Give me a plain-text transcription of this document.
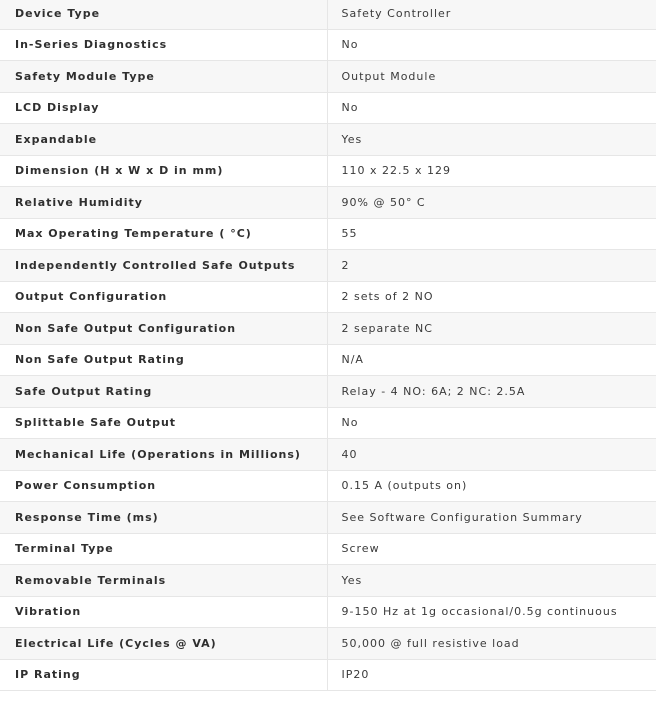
Device Type	Safety Controller
In-Series Diagnostics	No
Safety Module Type	Output Module
LCD Display	No
Expandable	Yes
Dimension (H x W x D in mm)	110 x 22.5 x 129
Relative Humidity	90% @ 50° C
Max Operating Temperature ( °C)	55
Independently Controlled Safe Outputs	2
Output Configuration	2 sets of 2 NO
Non Safe Output Configuration	2 separate NC
Non Safe Output Rating	N/A
Safe Output Rating	Relay - 4 NO: 6A; 2 NC: 2.5A
Splittable Safe Output	No
Mechanical Life (Operations in Millions)	40
Power Consumption	0.15 A (outputs on)
Response Time (ms)	See Software Configuration Summary
Terminal Type	Screw
Removable Terminals	Yes
Vibration	9-150 Hz at 1g occasional/0.5g continuous
Electrical Life (Cycles @ VA)	50,000 @ full resistive load
IP Rating	IP20
